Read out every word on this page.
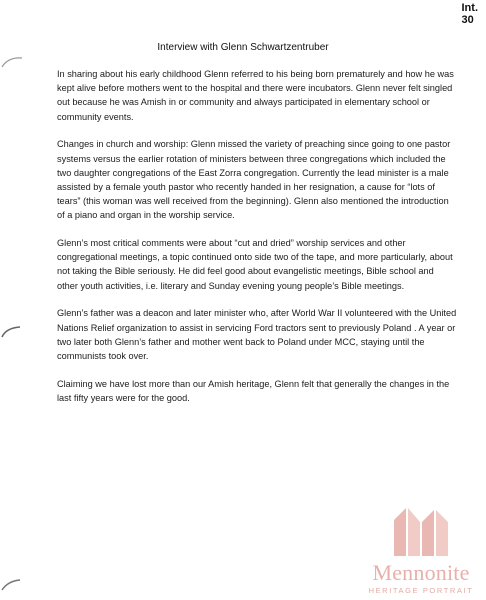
Int.
30
Interview with Glenn Schwartzentruber

In sharing about his early childhood Glenn referred to his being born prematurely and how he was kept alive before mothers went to the hospital and there were incubators. Glenn never felt singled out because he was Amish in or community and always participated in elementary school or community events.

Changes in church and worship: Glenn missed the variety of preaching since going to one pastor systems versus the earlier rotation of ministers between three congregations which included the two daughter congregations of the East Zorra congregation. Currently the lead minister is a male assisted by a female youth pastor who recently handed in her resignation, a cause for “lots of tears” (this woman was well received from the beginning). Glenn also mentioned the introduction of a piano and organ in the worship service.

Glenn’s most critical comments were about “cut and dried” worship services and other congregational meetings, a topic continued onto side two of the tape, and more particularly, about not taking the Bible seriously. He did feel good about evangelistic meetings, Bible school and other youth activities, i.e. literary and Sunday evening young people’s Bible meetings.

Glenn’s father was a deacon and later minister who, after World War II volunteered with the United Nations Relief organization to assist in servicing Ford tractors sent to previously Poland . A year or two later both Glenn’s father and mother went back to Poland under MCC, staying until the communists took over.

Claiming we have lost more than our Amish heritage, Glenn felt that generally the changes in the last fifty years were for the good.

Mennonite
HERITAGE PORTRAIT
